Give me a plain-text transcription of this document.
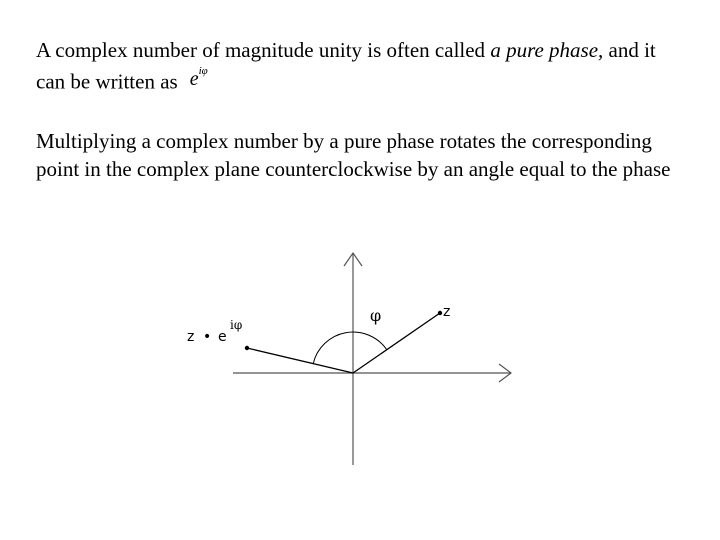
A complex number of magnitude unity is often called a pure phase, and it can be written as $e^{i\varphi}$

Multiplying a complex number by a pure phase rotates the corresponding point in the complex plane counterclockwise by an angle equal to the phase

z
φ
z • e
iφ
